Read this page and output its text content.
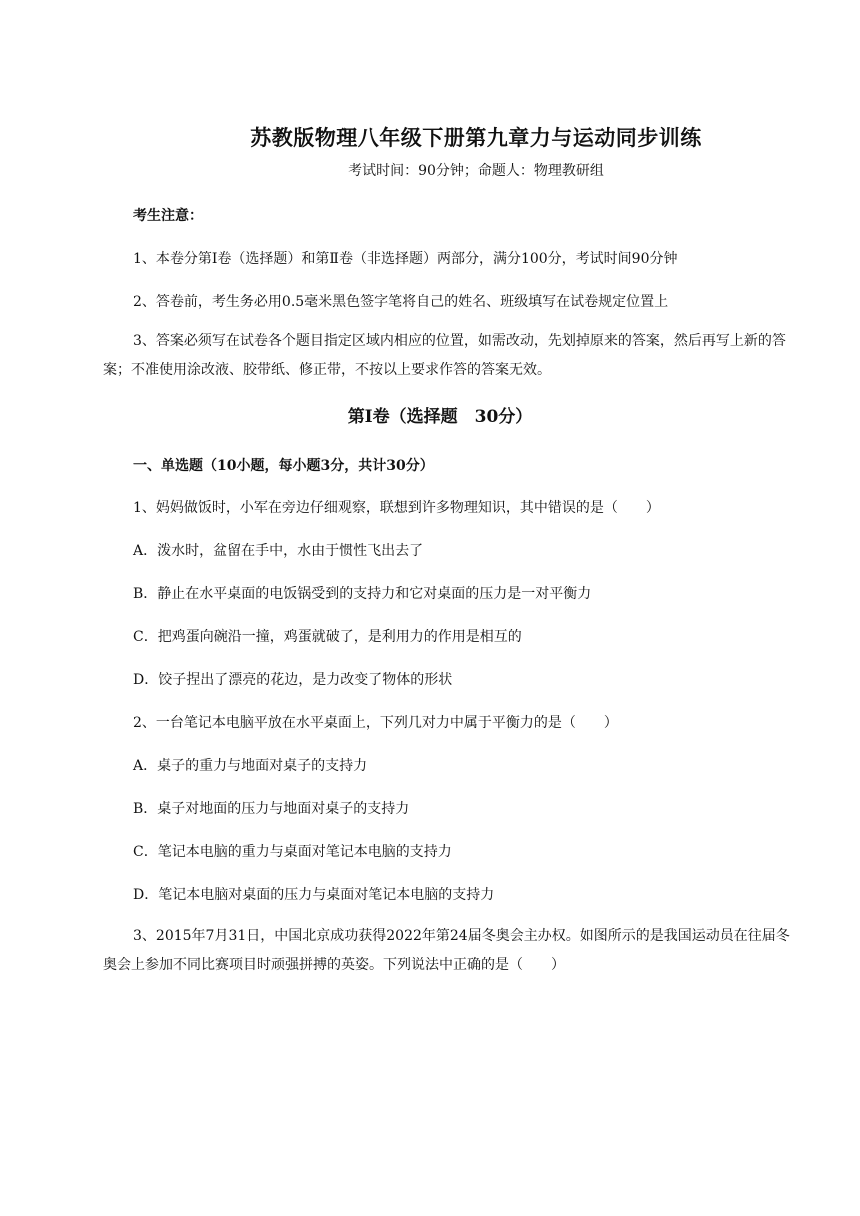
苏教版物理八年级下册第九章力与运动同步训练
考试时间：90分钟；命题人：物理教研组
考生注意：
1、本卷分第Ⅰ卷（选择题）和第Ⅱ卷（非选择题）两部分，满分100分，考试时间90分钟
2、答卷前，考生务必用0.5毫米黑色签字笔将自己的姓名、班级填写在试卷规定位置上
3、答案必须写在试卷各个题目指定区域内相应的位置，如需改动，先划掉原来的答案，然后再写上新的答案；不准使用涂改液、胶带纸、修正带，不按以上要求作答的答案无效。
第Ⅰ卷（选择题　30分）
一、单选题（10小题，每小题3分，共计30分）
1、妈妈做饭时，小军在旁边仔细观察，联想到许多物理知识，其中错误的是（　　）
A．泼水时，盆留在手中，水由于惯性飞出去了
B．静止在水平桌面的电饭锅受到的支持力和它对桌面的压力是一对平衡力
C．把鸡蛋向碗沿一撞，鸡蛋就破了，是利用力的作用是相互的
D．饺子捏出了漂亮的花边，是力改变了物体的形状
2、一台笔记本电脑平放在水平桌面上，下列几对力中属于平衡力的是（　　）
A．桌子的重力与地面对桌子的支持力
B．桌子对地面的压力与地面对桌子的支持力
C．笔记本电脑的重力与桌面对笔记本电脑的支持力
D．笔记本电脑对桌面的压力与桌面对笔记本电脑的支持力
3、2015年7月31日，中国北京成功获得2022年第24届冬奥会主办权。如图所示的是我国运动员在往届冬奥会上参加不同比赛项目时顽强拼搏的英姿。下列说法中正确的是（　　）
